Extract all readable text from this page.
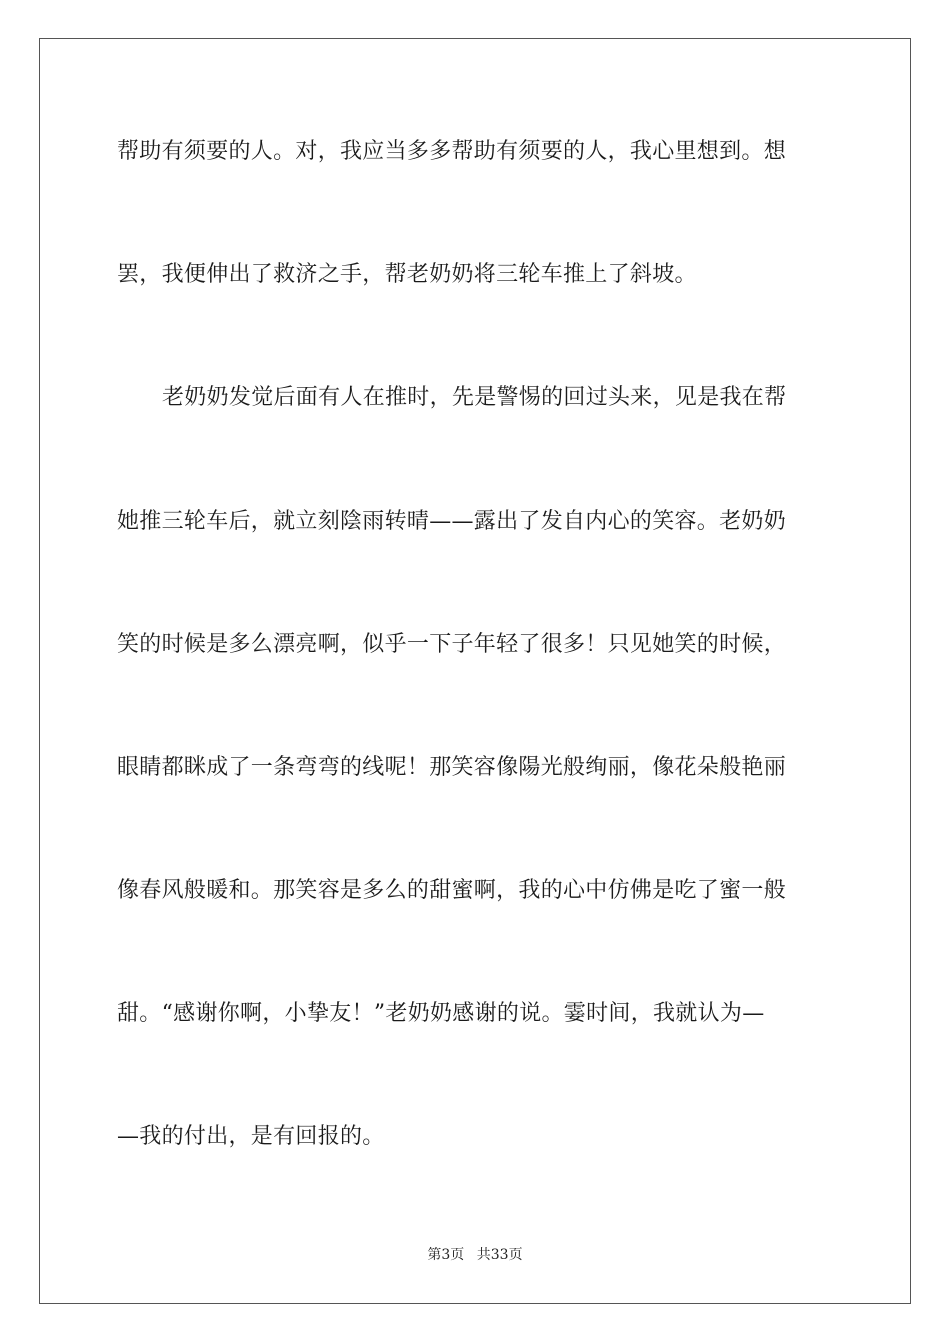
帮助有须要的人。对，我应当多多帮助有须要的人，我心里想到。想
罢，我便伸出了救济之手，帮老奶奶将三轮车推上了斜坡。
老奶奶发觉后面有人在推时，先是警惕的回过头来，见是我在帮
她推三轮车后，就立刻陰雨转晴——露出了发自内心的笑容。老奶奶
笑的时候是多么漂亮啊，似乎一下子年轻了很多！只见她笑的时候，
眼睛都眯成了一条弯弯的线呢！那笑容像陽光般绚丽，像花朵般艳丽
像春风般暖和。那笑容是多么的甜蜜啊，我的心中仿佛是吃了蜜一般
甜。“感谢你啊，小挚友！”老奶奶感谢的说。霎时间，我就认为—
—我的付出，是有回报的。
第3页 共33页
